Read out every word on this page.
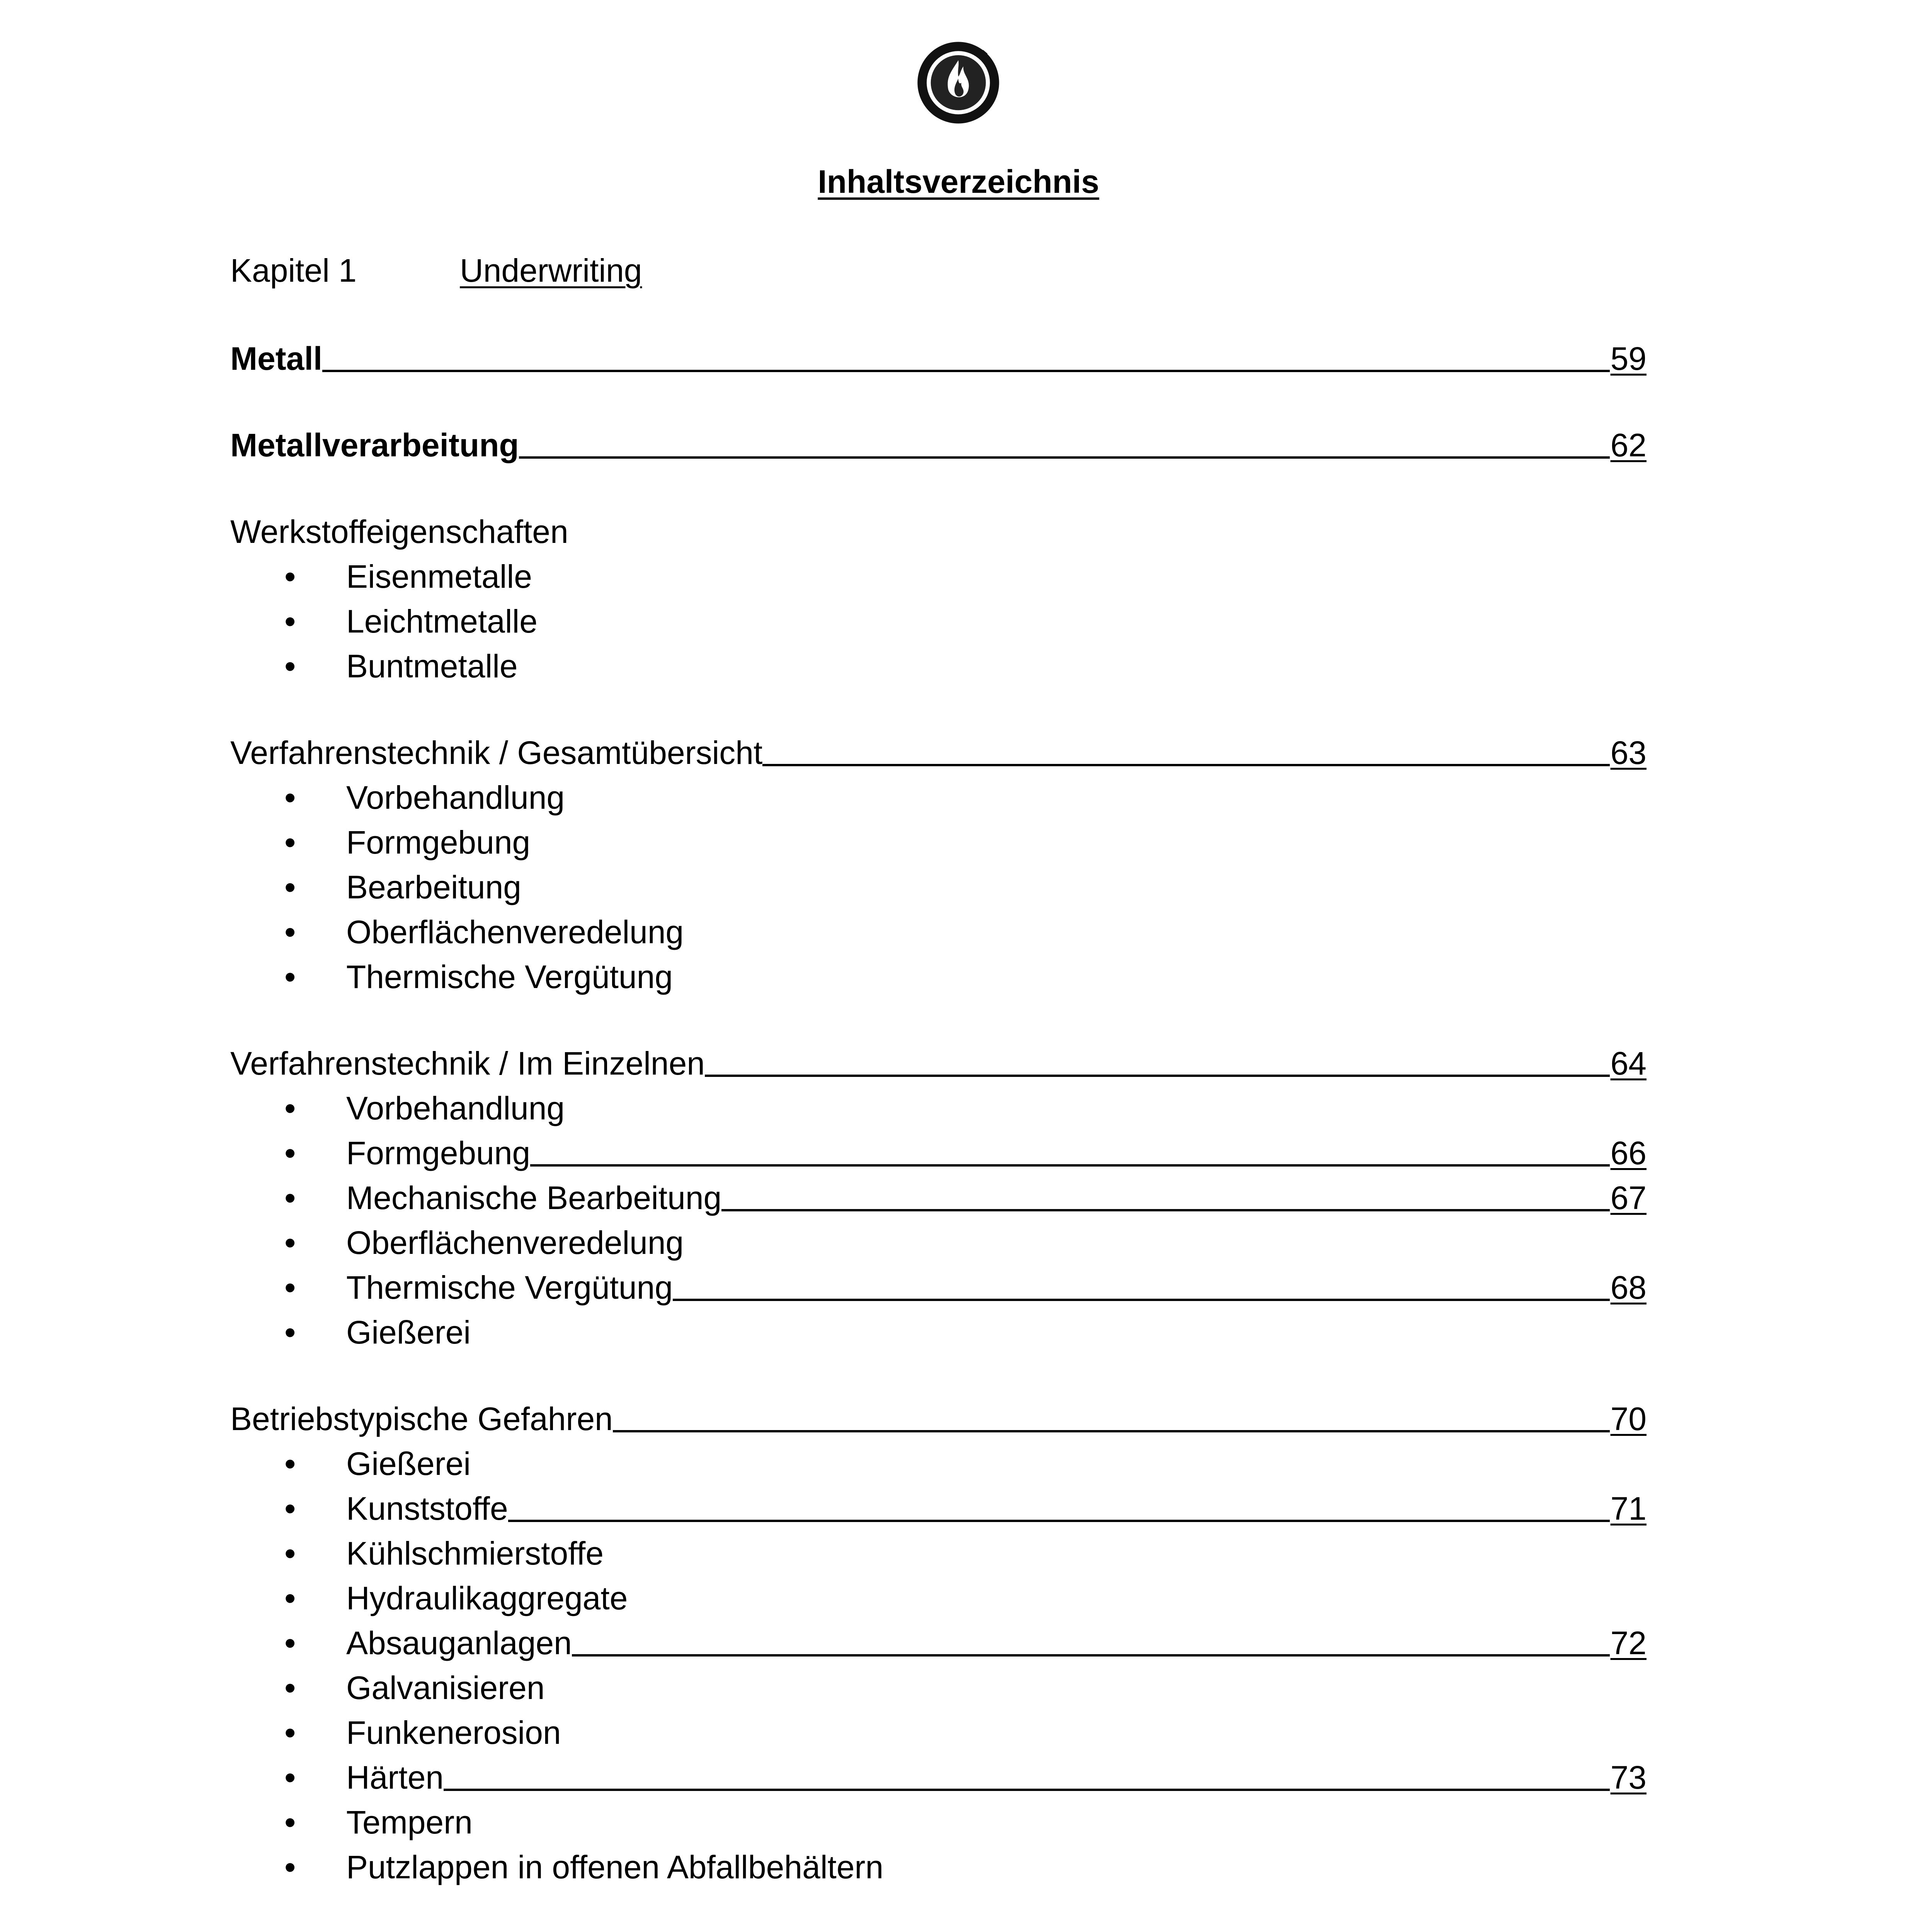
Inhaltsverzeichnis
Kapitel 1	Underwriting
Metall	59
Metallverarbeitung	62
Werkstoffeigenschaften
•	Eisenmetalle
•	Leichtmetalle
•	Buntmetalle
Verfahrenstechnik / Gesamtübersicht	63
•	Vorbehandlung
•	Formgebung
•	Bearbeitung
•	Oberflächenveredelung
•	Thermische Vergütung
Verfahrenstechnik / Im Einzelnen	64
•	Vorbehandlung
•	Formgebung	66
•	Mechanische Bearbeitung	67
•	Oberflächenveredelung
•	Thermische Vergütung	68
•	Gießerei
Betriebstypische Gefahren	70
•	Gießerei
•	Kunststoffe	71
•	Kühlschmierstoffe
•	Hydraulikaggregate
•	Absauganlagen	72
•	Galvanisieren
•	Funkenerosion
•	Härten	73
•	Tempern
•	Putzlappen in offenen Abfallbehältern
